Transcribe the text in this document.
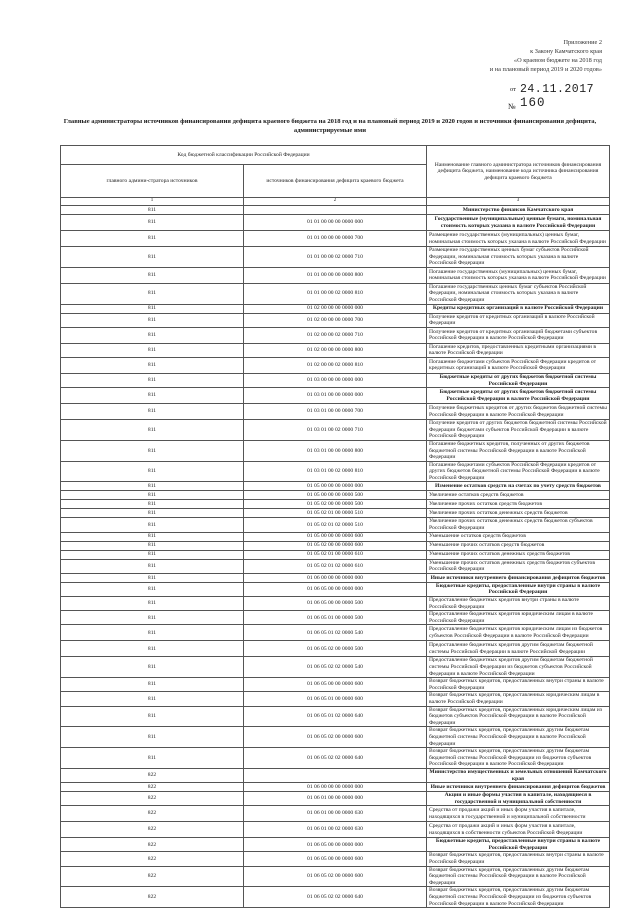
Приложение 2
к Закону Камчатского края
«О краевом бюджете на 2018 год
и на плановый период 2019 и 2020 годов»
от 24.11.2017
№ 160
Главные администраторы источников финансирования дефицита краевого бюджета на 2018 год и на плановый период 2019 и 2020 годов и источники финансирования дефицита, администрируемые ими
Код бюджетной классификации Российской Федерации		Наименование главного администратора источников финансирования дефицита бюджета, наименование кода источника финансирования дефицита краевого бюджета
главного админи-стратора источников	источников финансирования дефицита краевого бюджета	
1	2	3
811		Министерство финансов Камчатского края
811	01 01 00 00 00 0000 000	Государственные (муниципальные) ценные бумаги, номинальная стоимость которых указана в валюте Российской Федерации
811	01 01 00 00 00 0000 700	Размещение государственных (муниципальных) ценных бумаг, номинальная стоимость которых указана в валюте Российской Федерации
811	01 01 00 00 02 0000 710	Размещение государственных ценных бумаг субъектов Российской Федерации, номинальная стоимость которых указана в валюте Российской Федерации
811	01 01 00 00 00 0000 800	Погашение государственных (муниципальных) ценных бумаг, номинальная стоимость которых указана в валюте Российской Федерации
811	01 01 00 00 02 0000 810	Погашение государственных ценных бумаг субъектов Российской Федерации, номинальная стоимость которых указана в валюте Российской Федерации
811	01 02 00 00 00 0000 000	Кредиты кредитных организаций в валюте Российской Федерации
811	01 02 00 00 00 0000 700	Получение кредитов от кредитных организаций в валюте Российской Федерации
811	01 02 00 00 02 0000 710	Получение кредитов от кредитных организаций бюджетами субъектов Российской Федерации в валюте Российской Федерации
811	01 02 00 00 00 0000 800	Погашение кредитов, предоставленных кредитными организациями в валюте Российской Федерации
811	01 02 00 00 02 0000 810	Погашение бюджетами субъектов Российской Федерации кредитов от кредитных организаций в валюте Российской Федерации
811	01 03 00 00 00 0000 000	Бюджетные кредиты от других бюджетов бюджетной системы Российской Федерации
811	01 03 01 00 00 0000 000	Бюджетные кредиты от других бюджетов бюджетной системы Российской Федерации в валюте Российской Федерации
811	01 03 01 00 00 0000 700	Получение бюджетных кредитов от других бюджетов бюджетной системы Российской Федерации в валюте Российской Федерации
811	01 03 01 00 02 0000 710	Получение кредитов от других бюджетов бюджетной системы Российской Федерации бюджетами субъектов Российской Федерации в валюте Российской Федерации
811	01 03 01 00 00 0000 800	Погашение бюджетных кредитов, полученных от других бюджетов бюджетной системы Российской Федерации в валюте Российской Федерации
811	01 03 01 00 02 0000 810	Погашение бюджетами субъектов Российской Федерации кредитов от других бюджетов бюджетной системы Российской Федерации в валюте Российской Федерации
811	01 05 00 00 00 0000 000	Изменение остатков средств на счетах по учету средств бюджетов
811	01 05 00 00 00 0000 500	Увеличение остатков средств бюджетов
811	01 05 02 00 00 0000 500	Увеличение прочих остатков средств бюджетов
811	01 05 02 01 00 0000 510	Увеличение прочих остатков денежных средств бюджетов
811	01 05 02 01 02 0000 510	Увеличение прочих остатков денежных средств бюджетов субъектов Российской Федерации
811	01 05 00 00 00 0000 600	Уменьшение остатков средств бюджетов
811	01 05 02 00 00 0000 600	Уменьшение прочих остатков средств бюджетов
811	01 05 02 01 00 0000 610	Уменьшение прочих остатков денежных средств бюджетов
811	01 05 02 01 02 0000 610	Уменьшение прочих остатков денежных средств бюджетов субъектов Российской Федерации
811	01 06 00 00 00 0000 000	Иные источники внутреннего финансирования дефицитов бюджетов
811	01 06 05 00 00 0000 000	Бюджетные кредиты, предоставленные внутри страны в валюте Российской Федерации
811	01 06 05 00 00 0000 500	Предоставление бюджетных кредитов внутри страны в валюте Российской Федерации
811	01 06 05 01 00 0000 500	Предоставление бюджетных кредитов юридическим лицам в валюте Российской Федерации
811	01 06 05 01 02 0000 540	Предоставление бюджетных кредитов юридическим лицам из бюджетов субъектов Российской Федерации в валюте Российской Федерации
811	01 06 05 02 00 0000 500	Предоставление бюджетных кредитов другим бюджетам бюджетной системы Российской Федерации в валюте Российской Федерации
811	01 06 05 02 02 0000 540	Предоставление бюджетных кредитов другим бюджетам бюджетной системы Российской Федерации из бюджетов субъектов Российской Федерации в валюте Российской Федерации
811	01 06 05 00 00 0000 600	Возврат бюджетных кредитов, предоставленных внутри страны в валюте Российской Федерации
811	01 06 05 01 00 0000 600	Возврат бюджетных кредитов, предоставленных юридическим лицам в валюте Российской Федерации
811	01 06 05 01 02 0000 640	Возврат бюджетных кредитов, предоставленных юридическим лицам из бюджетов субъектов Российской Федерации в валюте Российской Федерации
811	01 06 05 02 00 0000 600	Возврат бюджетных кредитов, предоставленных другим бюджетам бюджетной системы Российской Федерации в валюте Российской Федерации
811	01 06 05 02 02 0000 640	Возврат бюджетных кредитов, предоставленных другим бюджетам бюджетной системы Российской Федерации из бюджетов субъектов Российской Федерации в валюте Российской Федерации
822		Министерство имущественных и земельных отношений Камчатского края
822	01 06 00 00 00 0000 000	Иные источники внутреннего финансирования дефицитов бюджетов
822	01 06 01 00 00 0000 000	Акции и иные формы участия в капитале, находящиеся в государственной и муниципальной собственности
822	01 06 01 00 00 0000 630	Средства от продажи акций и иных форм участия в капитале, находящихся в государственной и муниципальной собственности
822	01 06 01 00 02 0000 630	Средства от продажи акций и иных форм участия в капитале, находящихся в собственности субъектов Российской Федерации
822	01 06 05 00 00 0000 000	Бюджетные кредиты, предоставленные внутри страны в валюте Российской Федерации
822	01 06 05 00 00 0000 600	Возврат бюджетных кредитов, предоставленных внутри страны в валюте Российской Федерации
822	01 06 05 02 00 0000 600	Возврат бюджетных кредитов, предоставленных другим бюджетам бюджетной системы Российской Федерации в валюте Российской Федерации
822	01 06 05 02 02 0000 640	Возврат бюджетных кредитов, предоставленных другим бюджетам бюджетной системы Российской Федерации из бюджетов субъектов Российской Федерации в валюте Российской Федерации
